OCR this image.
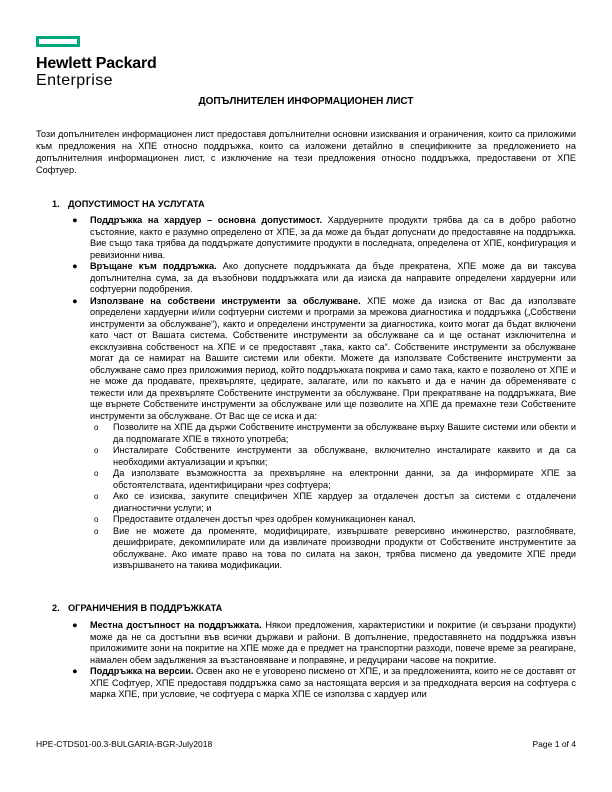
Hewlett Packard
Enterprise
ДОПЪЛНИТЕЛЕН ИНФОРМАЦИОНЕН ЛИСТ
Този допълнителен информационен лист предоставя допълнителни основни изисквания и ограничения, които са приложими към предложения на ХПЕ относно поддръжка, които са изложени детайлно в спецификните за предложението на допълнителния информационен лист, с изключение на тези предложения относно поддръжка, предоставени от ХПЕ Софтуер.
1. ДОПУСТИМОСТ НА УСЛУГАТА
● Поддръжка на хардуер – основна допустимост. Хардуерните продукти трябва да са в добро работно състояние, както е разумно определено от ХПЕ, за да може да бъдат допуснати до предоставяне на поддръжка. Вие също така трябва да поддържате допустимите продукти в последната, определена от ХПЕ, конфигурация и ревизионни нива.
● Връщане към поддръжка. Ако допуснете поддръжката да бъде прекратена, ХПЕ може да ви таксува допълнителна сума, за да възобнови поддръжката или да изиска да направите определени хардуерни или софтуерни подобрения.
● Използване на собствени инструменти за обслужване. ХПЕ може да изиска от Вас да използвате определени хардуерни и/или софтуерни системи и програми за мрежова диагностика и поддръжка („Собствени инструменти за обслужване“), както и определени инструменти за диагностика, които могат да бъдат включени като част от Вашата система. Собствените инструменти за обслужване са и ще останат изключителна и ексклузивна собственост на ХПЕ и се предоставят „така, както са“. Собствените инструменти за обслужване могат да се намират на Вашите системи или обекти. Можете да използвате Собствените инструменти за обслужване само през приложимия период, който поддръжката покрива и само така, както е позволено от ХПЕ и не може да продавате, прехвърляте, цедирате, залагате, или по какъвто и да е начин да обременявате с тежести или да прехвърляте Собствените инструменти за обслужване. При прекратяване на поддръжката, Вие ще върнете Собствените инструменти за обслужване или ще позволите на ХПЕ да премахне тези Собствените инструменти за обслужване. От Вас ще се иска и да:
o Позволите на ХПЕ да държи Собствените инструменти за обслужване върху Вашите системи или обекти и да подпомагате ХПЕ в тяхното употреба;
o Инсталирате Собствените инструменти за обслужване, включително инсталирате каквито и да са необходими актуализации и кръпки;
o Да използвате възможността за прехвърляне на електронни данни, за да информирате ХПЕ за обстоятелствата, идентифицирани чрез софтуера;
o Ако се изисква, закупите специфичен ХПЕ хардуер за отдалечен достъп за системи с отдалечени диагностични услуги; и
o Предоставите отдалечен достъп чрез одобрен комуникационен канал.
o Вие не можете да променяте, модифицирате, извършвате реверсивно инжинерство, разглобявате, дешифрирате, декомпилирате или да извличате производни продукти от Собствените инструментите за обслужване. Ако имате право на това по силата на закон, трябва писмено да уведомите ХПЕ преди извършването на такива модификации.
2. ОГРАНИЧЕНИЯ В ПОДДРЪЖКАТА
● Местна достъпност на поддръжката. Някои предложения, характеристики и покритие (и свързани продукти) може да не са достъпни във всички държави и райони. В допълнение, предоставянето на поддръжка извън приложимите зони на покритие на ХПЕ може да е предмет на транспортни разходи, повече време за реагиране, намален обем задължения за възстановяване и поправяне, и редуцирани часове на покритие.
● Поддръжка на версии. Освен ако не е уговорено писмено от ХПЕ, и за предложенията, които не се доставят от ХПЕ Софтуер, ХПЕ предоставя поддръжка само за настоящата версия и за предходната версия на софтуера с марка ХПЕ, при условие, че софтуера с марка ХПЕ се използва с хардуер или
HPE-CTDS01-00.3-BULGARIA-BGR-July2018	Page 1 of 4
